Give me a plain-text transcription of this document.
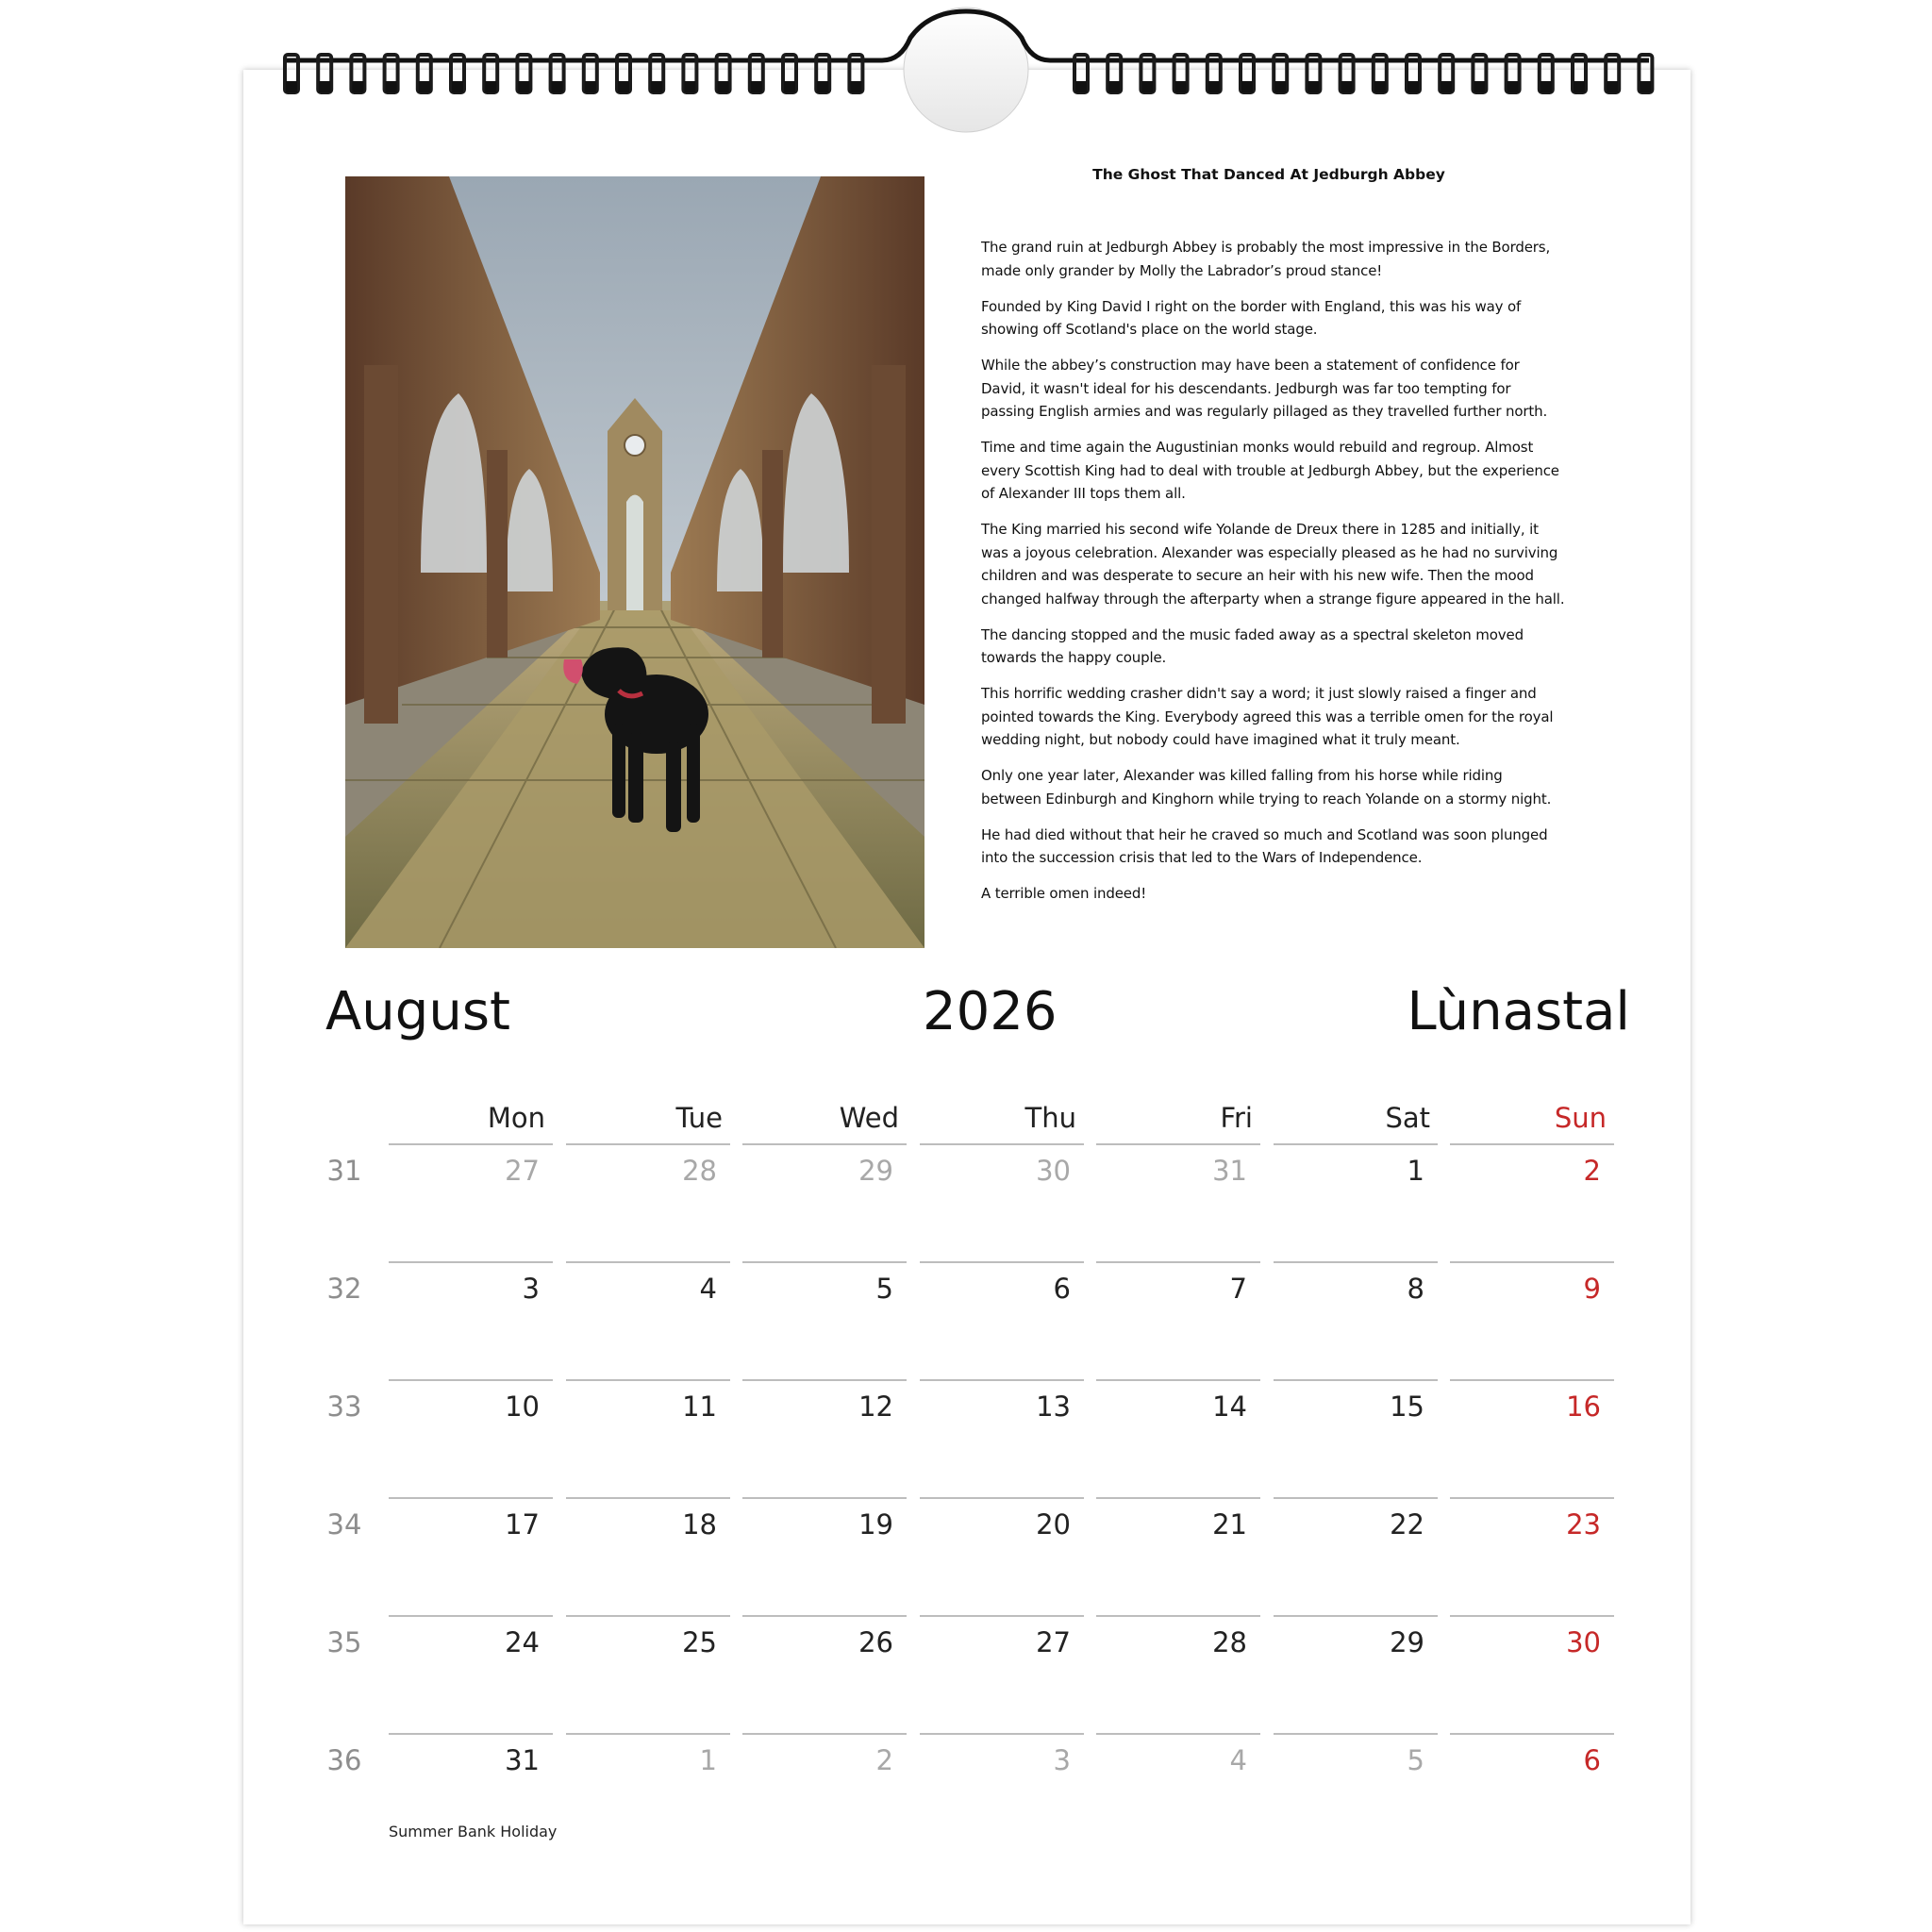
The Ghost That Danced At Jedburgh Abbey

The grand ruin at Jedburgh Abbey is probably the most impressive in the Borders, made only grander by Molly the Labrador’s proud stance!

Founded by King David I right on the border with England, this was his way of showing off Scotland's place on the world stage.

While the abbey’s construction may have been a statement of confidence for David, it wasn't ideal for his descendants. Jedburgh was far too tempting for passing English armies and was regularly pillaged as they travelled further north.

Time and time again the Augustinian monks would rebuild and regroup. Almost every Scottish King had to deal with trouble at Jedburgh Abbey, but the experience of Alexander III tops them all.

The King married his second wife Yolande de Dreux there in 1285 and initially, it was a joyous celebration. Alexander was especially pleased as he had no surviving children and was desperate to secure an heir with his new wife. Then the mood changed halfway through the afterparty when a strange figure appeared in the hall.

The dancing stopped and the music faded away as a spectral skeleton moved towards the happy couple.

This horrific wedding crasher didn't say a word; it just slowly raised a finger and pointed towards the King. Everybody agreed this was a terrible omen for the royal wedding night, but nobody could have imagined what it truly meant.

Only one year later, Alexander was killed falling from his horse while riding between Edinburgh and Kinghorn while trying to reach Yolande on a stormy night.

He had died without that heir he craved so much and Scotland was soon plunged into the succession crisis that led to the Wars of Independence.

A terrible omen indeed!

August	2026	Lùnastal
Mon	Tue	Wed	Thu	Fri	Sat	Sun
31	27	28	29	30	31	1	2
32	3	4	5	6	7	8	9
33	10	11	12	13	14	15	16
34	17	18	19	20	21	22	23
35	24	25	26	27	28	29	30
36	31	1	2	3	4	5	6
Summer Bank Holiday
